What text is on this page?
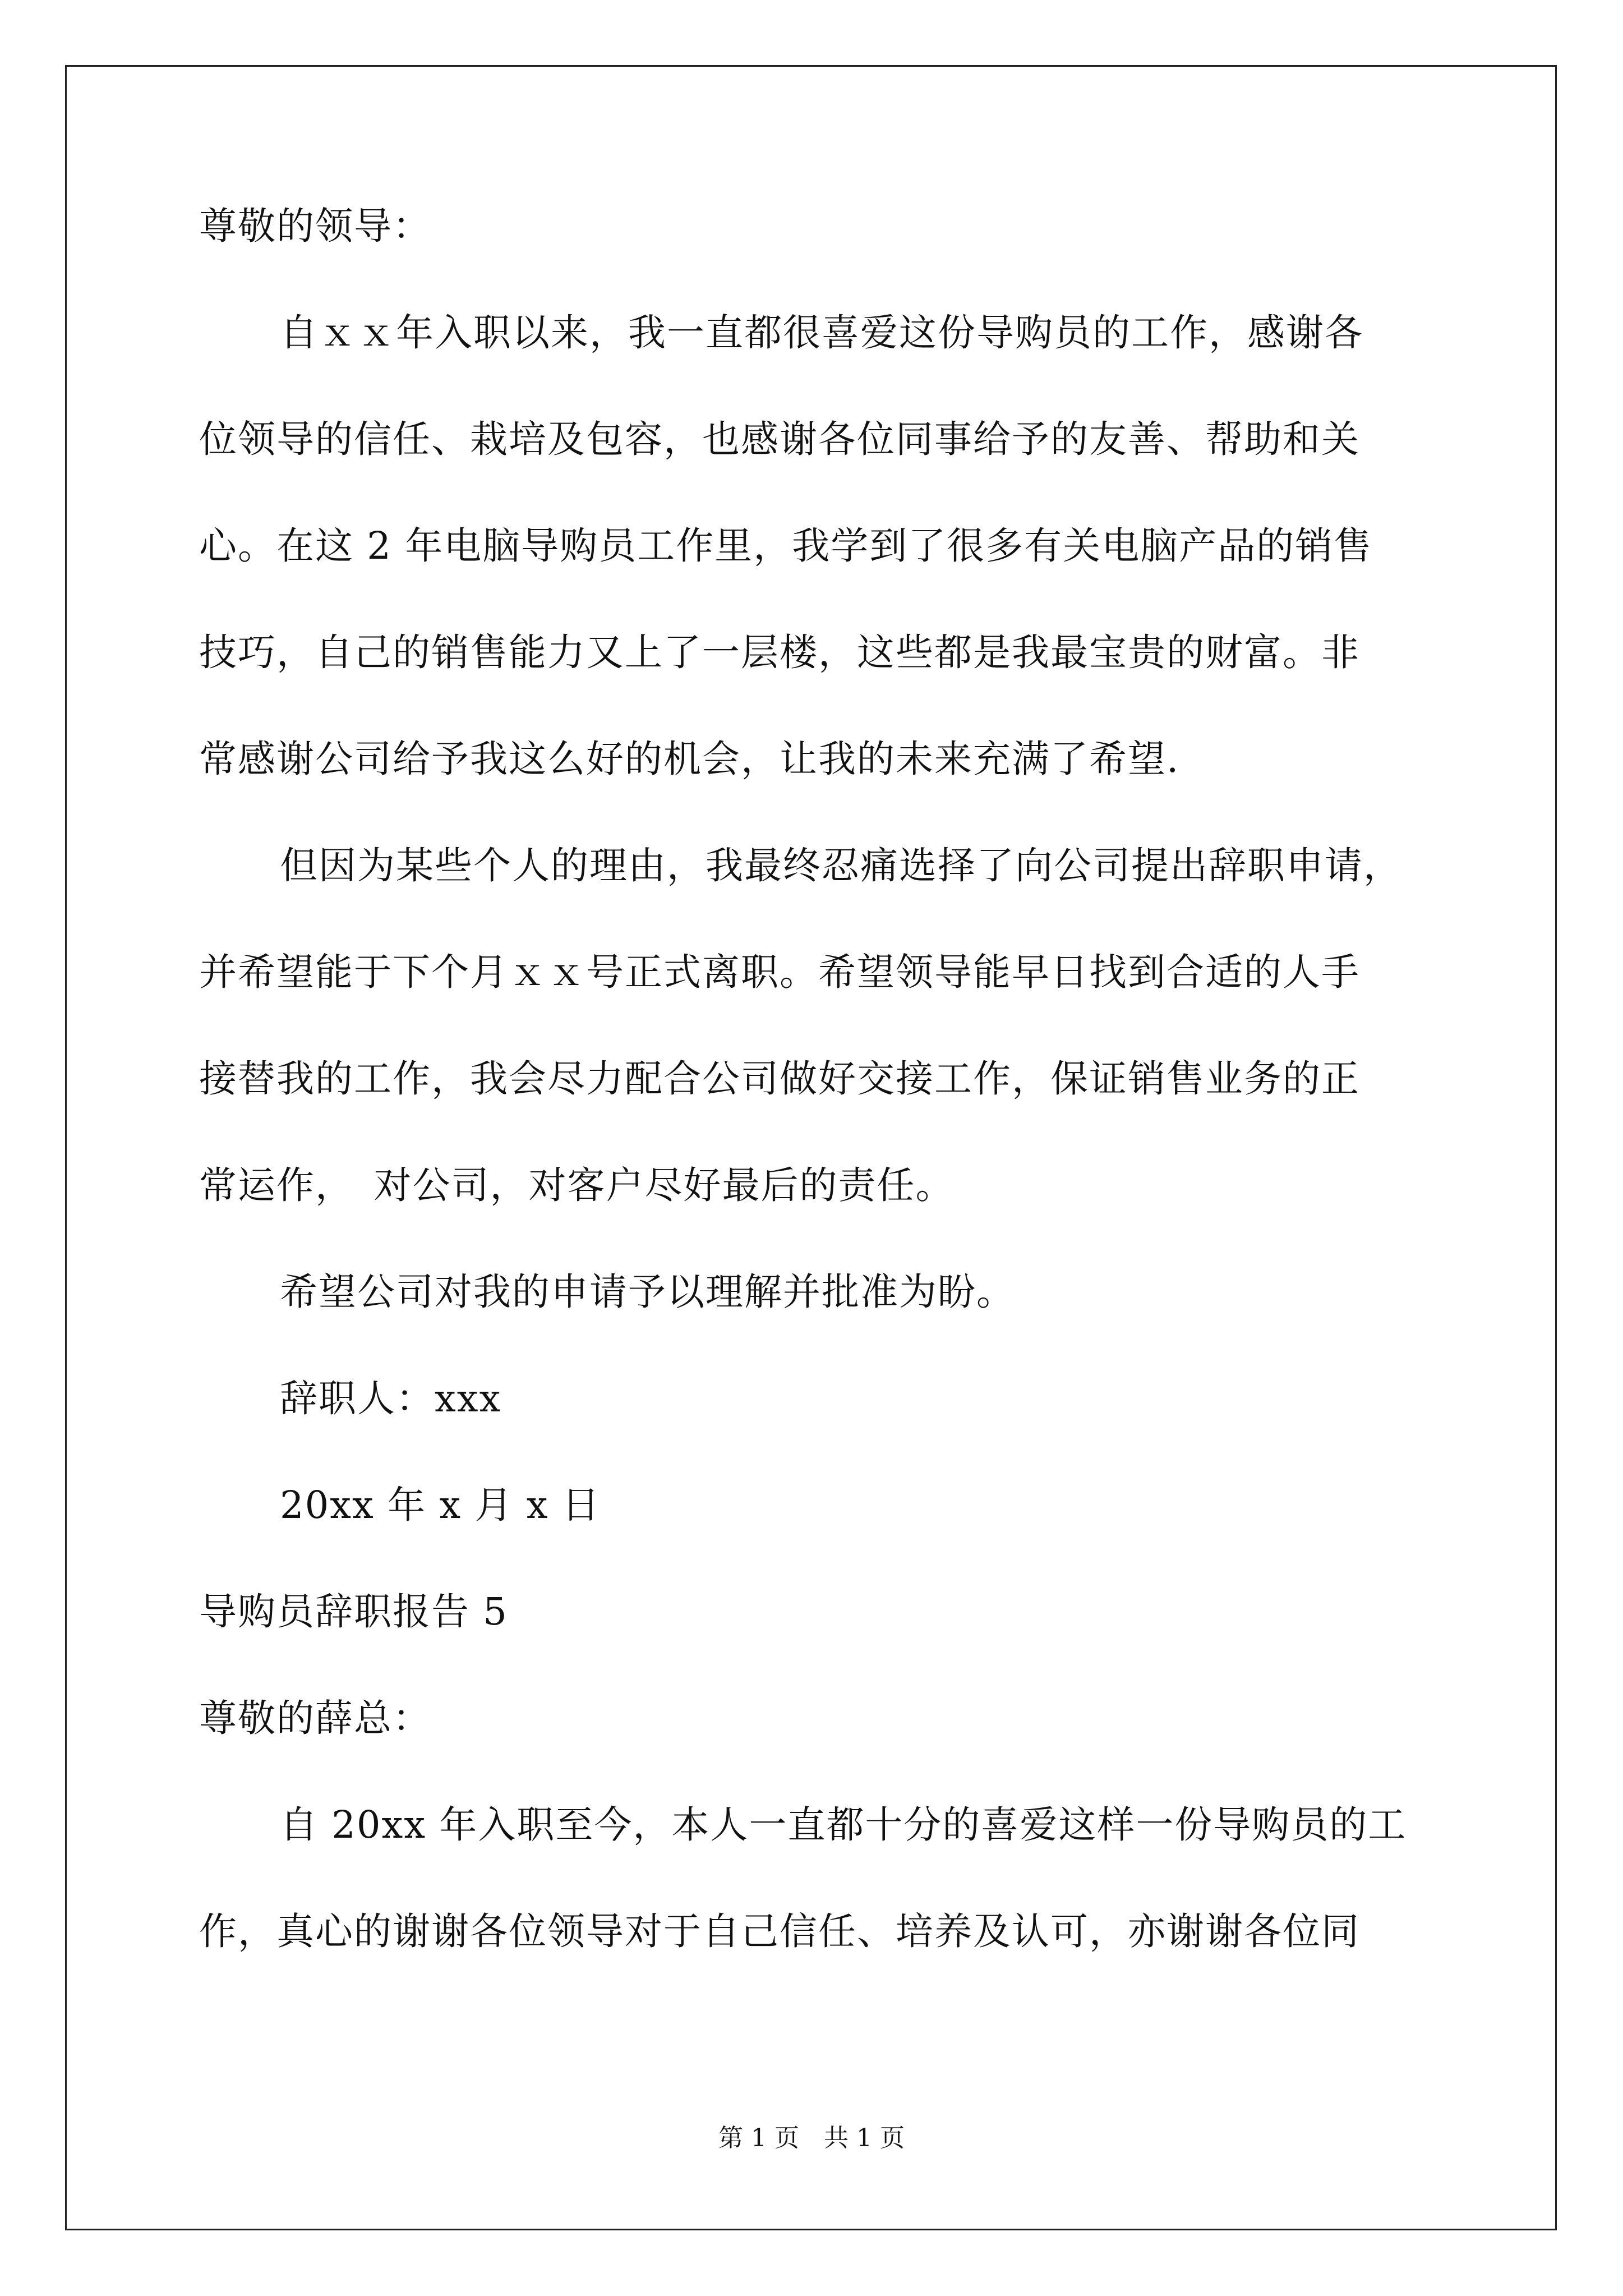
尊敬的领导：
自ｘｘ年入职以来，我一直都很喜爱这份导购员的工作，感谢各
位领导的信任、栽培及包容，也感谢各位同事给予的友善、帮助和关
心。在这 2 年电脑导购员工作里，我学到了很多有关电脑产品的销售
技巧，自己的销售能力又上了一层楼，这些都是我最宝贵的财富。非
常感谢公司给予我这么好的机会，让我的未来充满了希望.
但因为某些个人的理由，我最终忍痛选择了向公司提出辞职申请，
并希望能于下个月ｘｘ号正式离职。希望领导能早日找到合适的人手
接替我的工作，我会尽力配合公司做好交接工作，保证销售业务的正
常运作，　对公司，对客户尽好最后的责任。
希望公司对我的申请予以理解并批准为盼。
辞职人：xxx
20xx 年 x 月 x 日
导购员辞职报告 5
尊敬的薛总：
自 20xx 年入职至今，本人一直都十分的喜爱这样一份导购员的工
作，真心的谢谢各位领导对于自己信任、培养及认可，亦谢谢各位同
第 1 页　共 1 页
